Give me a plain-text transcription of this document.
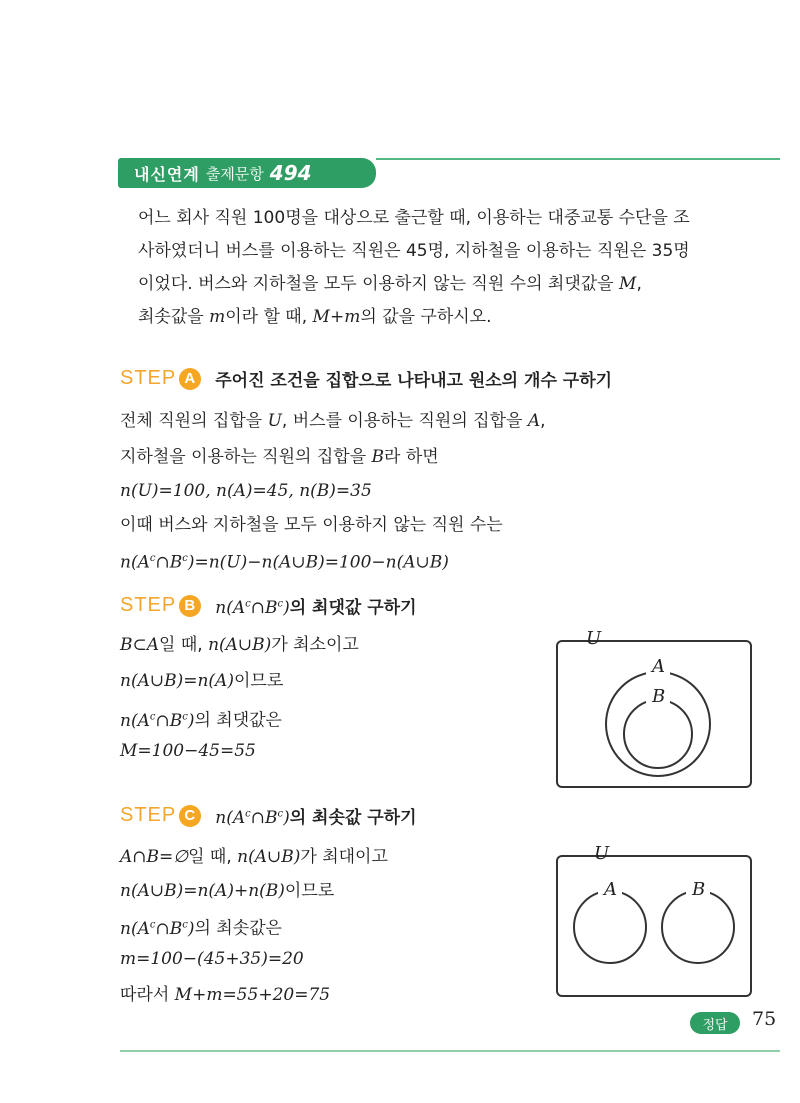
내신연계 출제문항 494
어느 회사 직원 100명을 대상으로 출근할 때, 이용하는 대중교통 수단을 조
사하였더니 버스를 이용하는 직원은 45명, 지하철을 이용하는 직원은 35명
이었다. 버스와 지하철을 모두 이용하지 않는 직원 수의 최댓값을 M,
최솟값을 m이라 할 때, M+m의 값을 구하시오.
STEP A 주어진 조건을 집합으로 나타내고 원소의 개수 구하기
전체 직원의 집합을 U, 버스를 이용하는 직원의 집합을 A,
지하철을 이용하는 직원의 집합을 B라 하면
n(U)=100, n(A)=45, n(B)=35
이때 버스와 지하철을 모두 이용하지 않는 직원 수는
$n(A^c\cap B^c)=n(U)-n(A\cup B)=100-n(A\cup B)$
STEP B $n(A^c\cap B^c)$의 최댓값 구하기
B⊂A일 때, n(A∪B)가 최소이고
n(A∪B)=n(A)이므로
$n(A^c\cap B^c)$의 최댓값은
M=100−45=55
U
A
B
STEP C $n(A^c\cap B^c)$의 최솟값 구하기
A∩B=∅일 때, n(A∪B)가 최대이고
n(A∪B)=n(A)+n(B)이므로
$n(A^c\cap B^c)$의 최솟값은
m=100−(45+35)=20
따라서 M+m=55+20=75
U
A	B
정답	75
